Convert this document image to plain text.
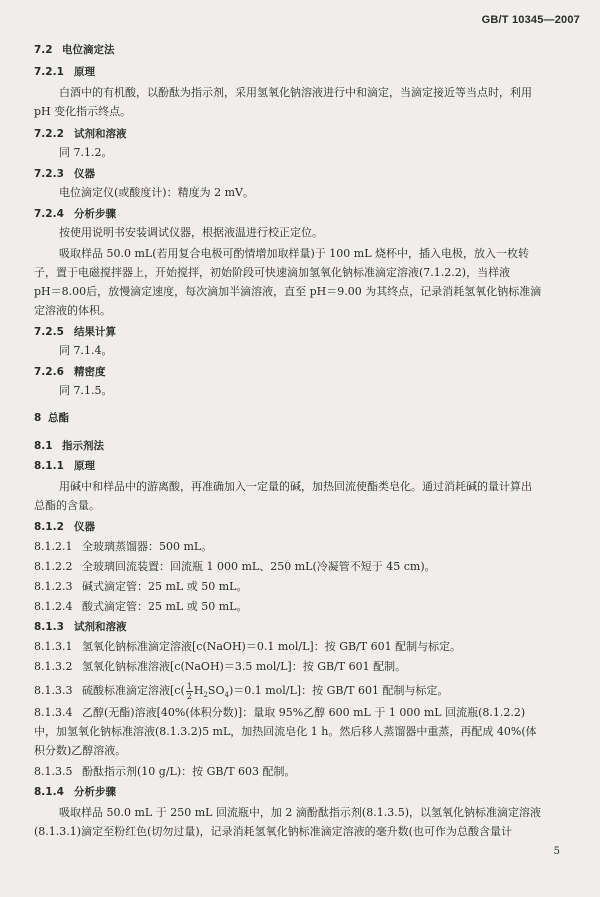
GB/T 10345—2007
7.2 电位滴定法
7.2.1 原理
白酒中的有机酸，以酚酞为指示剂，采用氢氧化钠溶液进行中和滴定，当滴定接近等当点时，利用
pH 变化指示终点。
7.2.2 试剂和溶液
同 7.1.2。
7.2.3 仪器
电位滴定仪(或酸度计)：精度为 2 mV。
7.2.4 分析步骤
按使用说明书安装调试仪器，根据液温进行校正定位。
吸取样品 50.0 mL(若用复合电极可酌情增加取样量)于 100 mL 烧杯中，插入电极，放入一枚转
子，置于电磁搅拌器上，开始搅拌，初始阶段可快速滴加氢氧化钠标准滴定溶液(7.1.2.2)，当样液
pH＝8.00后，放慢滴定速度，每次滴加半滴溶液，直至 pH＝9.00 为其终点，记录消耗氢氧化钠标准滴
定溶液的体积。
7.2.5 结果计算
同 7.1.4。
7.2.6 精密度
同 7.1.5。
8 总酯
8.1 指示剂法
8.1.1 原理
用碱中和样品中的游离酸，再准确加入一定量的碱，加热回流使酯类皂化。通过消耗碱的量计算出
总酯的含量。
8.1.2 仪器
8.1.2.1 全玻璃蒸馏器：500 mL。
8.1.2.2 全玻璃回流装置：回流瓶 1 000 mL、250 mL(冷凝管不短于 45 cm)。
8.1.2.3 碱式滴定管：25 mL 或 50 mL。
8.1.2.4 酸式滴定管：25 mL 或 50 mL。
8.1.3 试剂和溶液
8.1.3.1 氢氧化钠标准滴定溶液[c(NaOH)＝0.1 mol/L]：按 GB/T 601 配制与标定。
8.1.3.2 氢氧化钠标准溶液[c(NaOH)＝3.5 mol/L]：按 GB/T 601 配制。
8.1.3.3 硫酸标准滴定溶液[$c( \frac{1}{2} H_2SO_4)=0.1$ mol/L]：按 GB/T 601 配制与标定。
8.1.3.4 乙醇(无酯)溶液[40%(体积分数)]：量取 95%乙醇 600 mL 于 1 000 mL 回流瓶(8.1.2.2)
中，加氢氧化钠标准溶液(8.1.3.2)5 mL，加热回流皂化 1 h。然后移人蒸馏器中重蒸，再配成 40%(体
积分数)乙醇溶液。
8.1.3.5 酚酞指示剂(10 g/L)：按 GB/T 603 配制。
8.1.4 分析步骤
吸取样品 50.0 mL 于 250 mL 回流瓶中，加 2 滴酚酞指示剂(8.1.3.5)，以氢氧化钠标准滴定溶液
(8.1.3.1)滴定至粉红色(切勿过量)，记录消耗氢氧化钠标准滴定溶液的毫升数(也可作为总酸含量计
5
